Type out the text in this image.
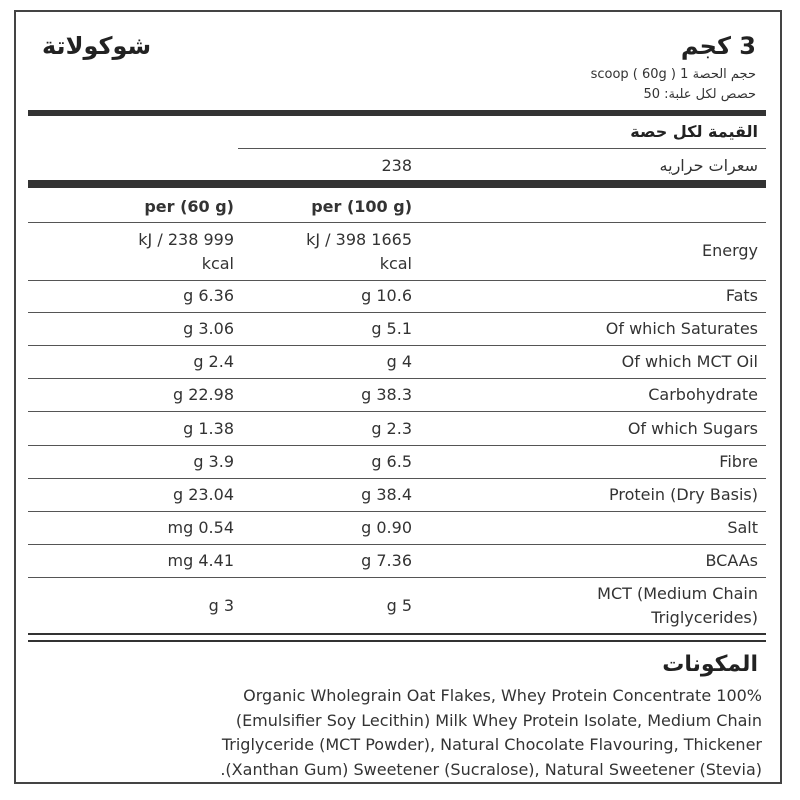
3 كجم
شوكولاتة
حجم الحصة 1 scoop ( 60g )
حصص لكل علبة: 50
القيمة لكل حصة
سعرات حراريه
238
per (100 g)
per (60 g)
Energy
kJ / 398 1665
kcal
kJ / 238 999
kcal
Fats
g 10.6
g 6.36
Of which Saturates
g 5.1
g 3.06
Of which MCT Oil
g 4
g 2.4
Carbohydrate
g 38.3
g 22.98
Of which Sugars
g 2.3
g 1.38
Fibre
g 6.5
g 3.9
Protein (Dry Basis)
g 38.4
g 23.04
Salt
g 0.90
mg 0.54
BCAAs
g 7.36
mg 4.41
MCT (Medium Chain
Triglycerides)
g 5
g 3
المكونات
Organic Wholegrain Oat Flakes, Whey Protein Concentrate 100%
(Emulsifier Soy Lecithin) Milk Whey Protein Isolate, Medium Chain
Triglyceride (MCT Powder), Natural Chocolate Flavouring, Thickener
.(Xanthan Gum) Sweetener (Sucralose), Natural Sweetener (Stevia)
